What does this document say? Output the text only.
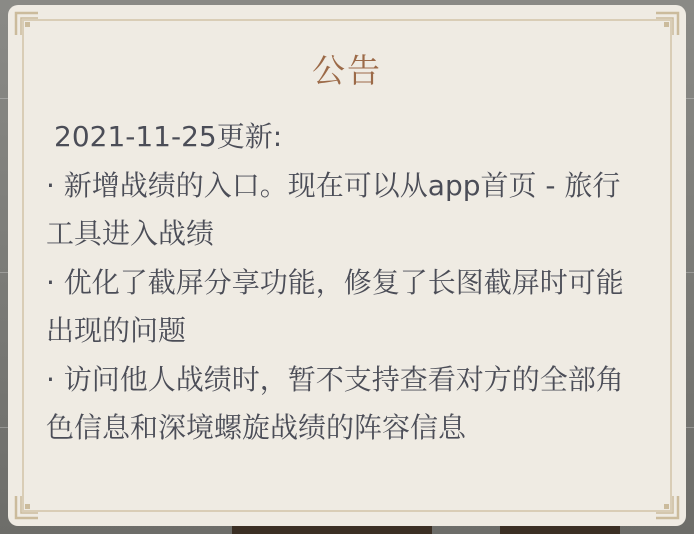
公告
2021-11-25更新:
· 新增战绩的入口。现在可以从app首页 - 旅行工具进入战绩
· 优化了截屏分享功能，修复了长图截屏时可能出现的问题
· 访问他人战绩时，暂不支持查看对方的全部角色信息和深境螺旋战绩的阵容信息
